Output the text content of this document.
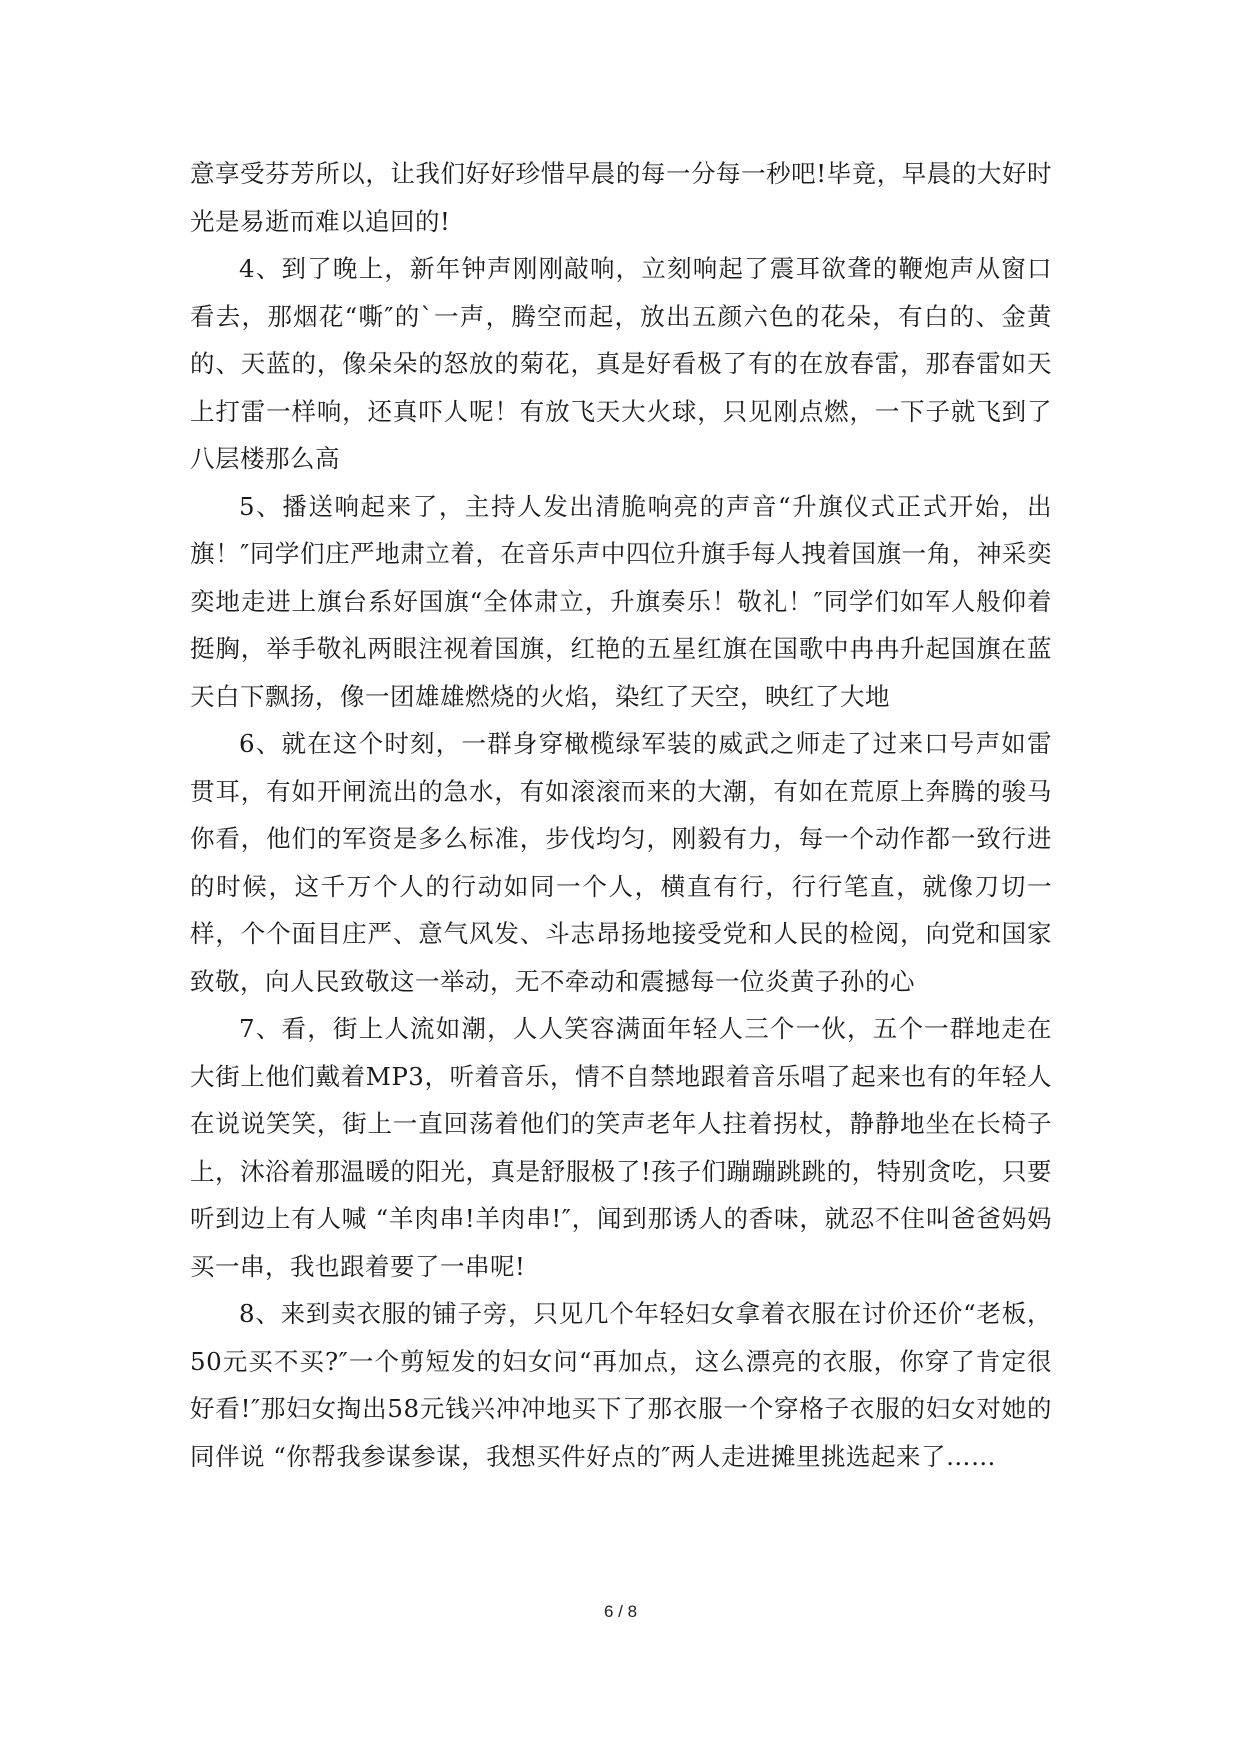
意享受芬芳所以，让我们好好珍惜早晨的每一分每一秒吧!毕竟，早晨的大好时光是易逝而难以追回的!

4、到了晚上，新年钟声刚刚敲响，立刻响起了震耳欲聋的鞭炮声从窗口看去，那烟花“嘶″的`一声，腾空而起，放出五颜六色的花朵，有白的、金黄的、天蓝的，像朵朵的怒放的菊花，真是好看极了有的在放春雷，那春雷如天上打雷一样响，还真吓人呢！有放飞天大火球，只见刚点燃，一下子就飞到了八层楼那么高

5、播送响起来了，主持人发出清脆响亮的声音“升旗仪式正式开始，出旗！″同学们庄严地肃立着，在音乐声中四位升旗手每人拽着国旗一角，神采奕奕地走进上旗台系好国旗“全体肃立，升旗奏乐！敬礼！″同学们如军人般仰着挺胸，举手敬礼两眼注视着国旗，红艳的五星红旗在国歌中冉冉升起国旗在蓝天白下飘扬，像一团雄雄燃烧的火焰，染红了天空，映红了大地

6、就在这个时刻，一群身穿橄榄绿军装的威武之师走了过来口号声如雷贯耳，有如开闸流出的急水，有如滚滚而来的大潮，有如在荒原上奔腾的骏马你看，他们的军资是多么标准，步伐均匀，刚毅有力，每一个动作都一致行进的时候，这千万个人的行动如同一个人，横直有行，行行笔直，就像刀切一样，个个面目庄严、意气风发、斗志昂扬地接受党和人民的检阅，向党和国家致敬，向人民致敬这一举动，无不牵动和震撼每一位炎黄子孙的心

7、看，街上人流如潮，人人笑容满面年轻人三个一伙，五个一群地走在大街上他们戴着MP3，听着音乐，情不自禁地跟着音乐唱了起来也有的年轻人在说说笑笑，街上一直回荡着他们的笑声老年人拄着拐杖，静静地坐在长椅子上，沐浴着那温暖的阳光，真是舒服极了!孩子们蹦蹦跳跳的，特别贪吃，只要听到边上有人喊 “羊肉串!羊肉串!″，闻到那诱人的香味，就忍不住叫爸爸妈妈买一串，我也跟着要了一串呢!

8、来到卖衣服的铺子旁，只见几个年轻妇女拿着衣服在讨价还价“老板，50元买不买?″一个剪短发的妇女问“再加点，这么漂亮的衣服，你穿了肯定很好看!″那妇女掏出58元钱兴冲冲地买下了那衣服一个穿格子衣服的妇女对她的同伴说 “你帮我参谋参谋，我想买件好点的″两人走进摊里挑选起来了……

6 / 8
